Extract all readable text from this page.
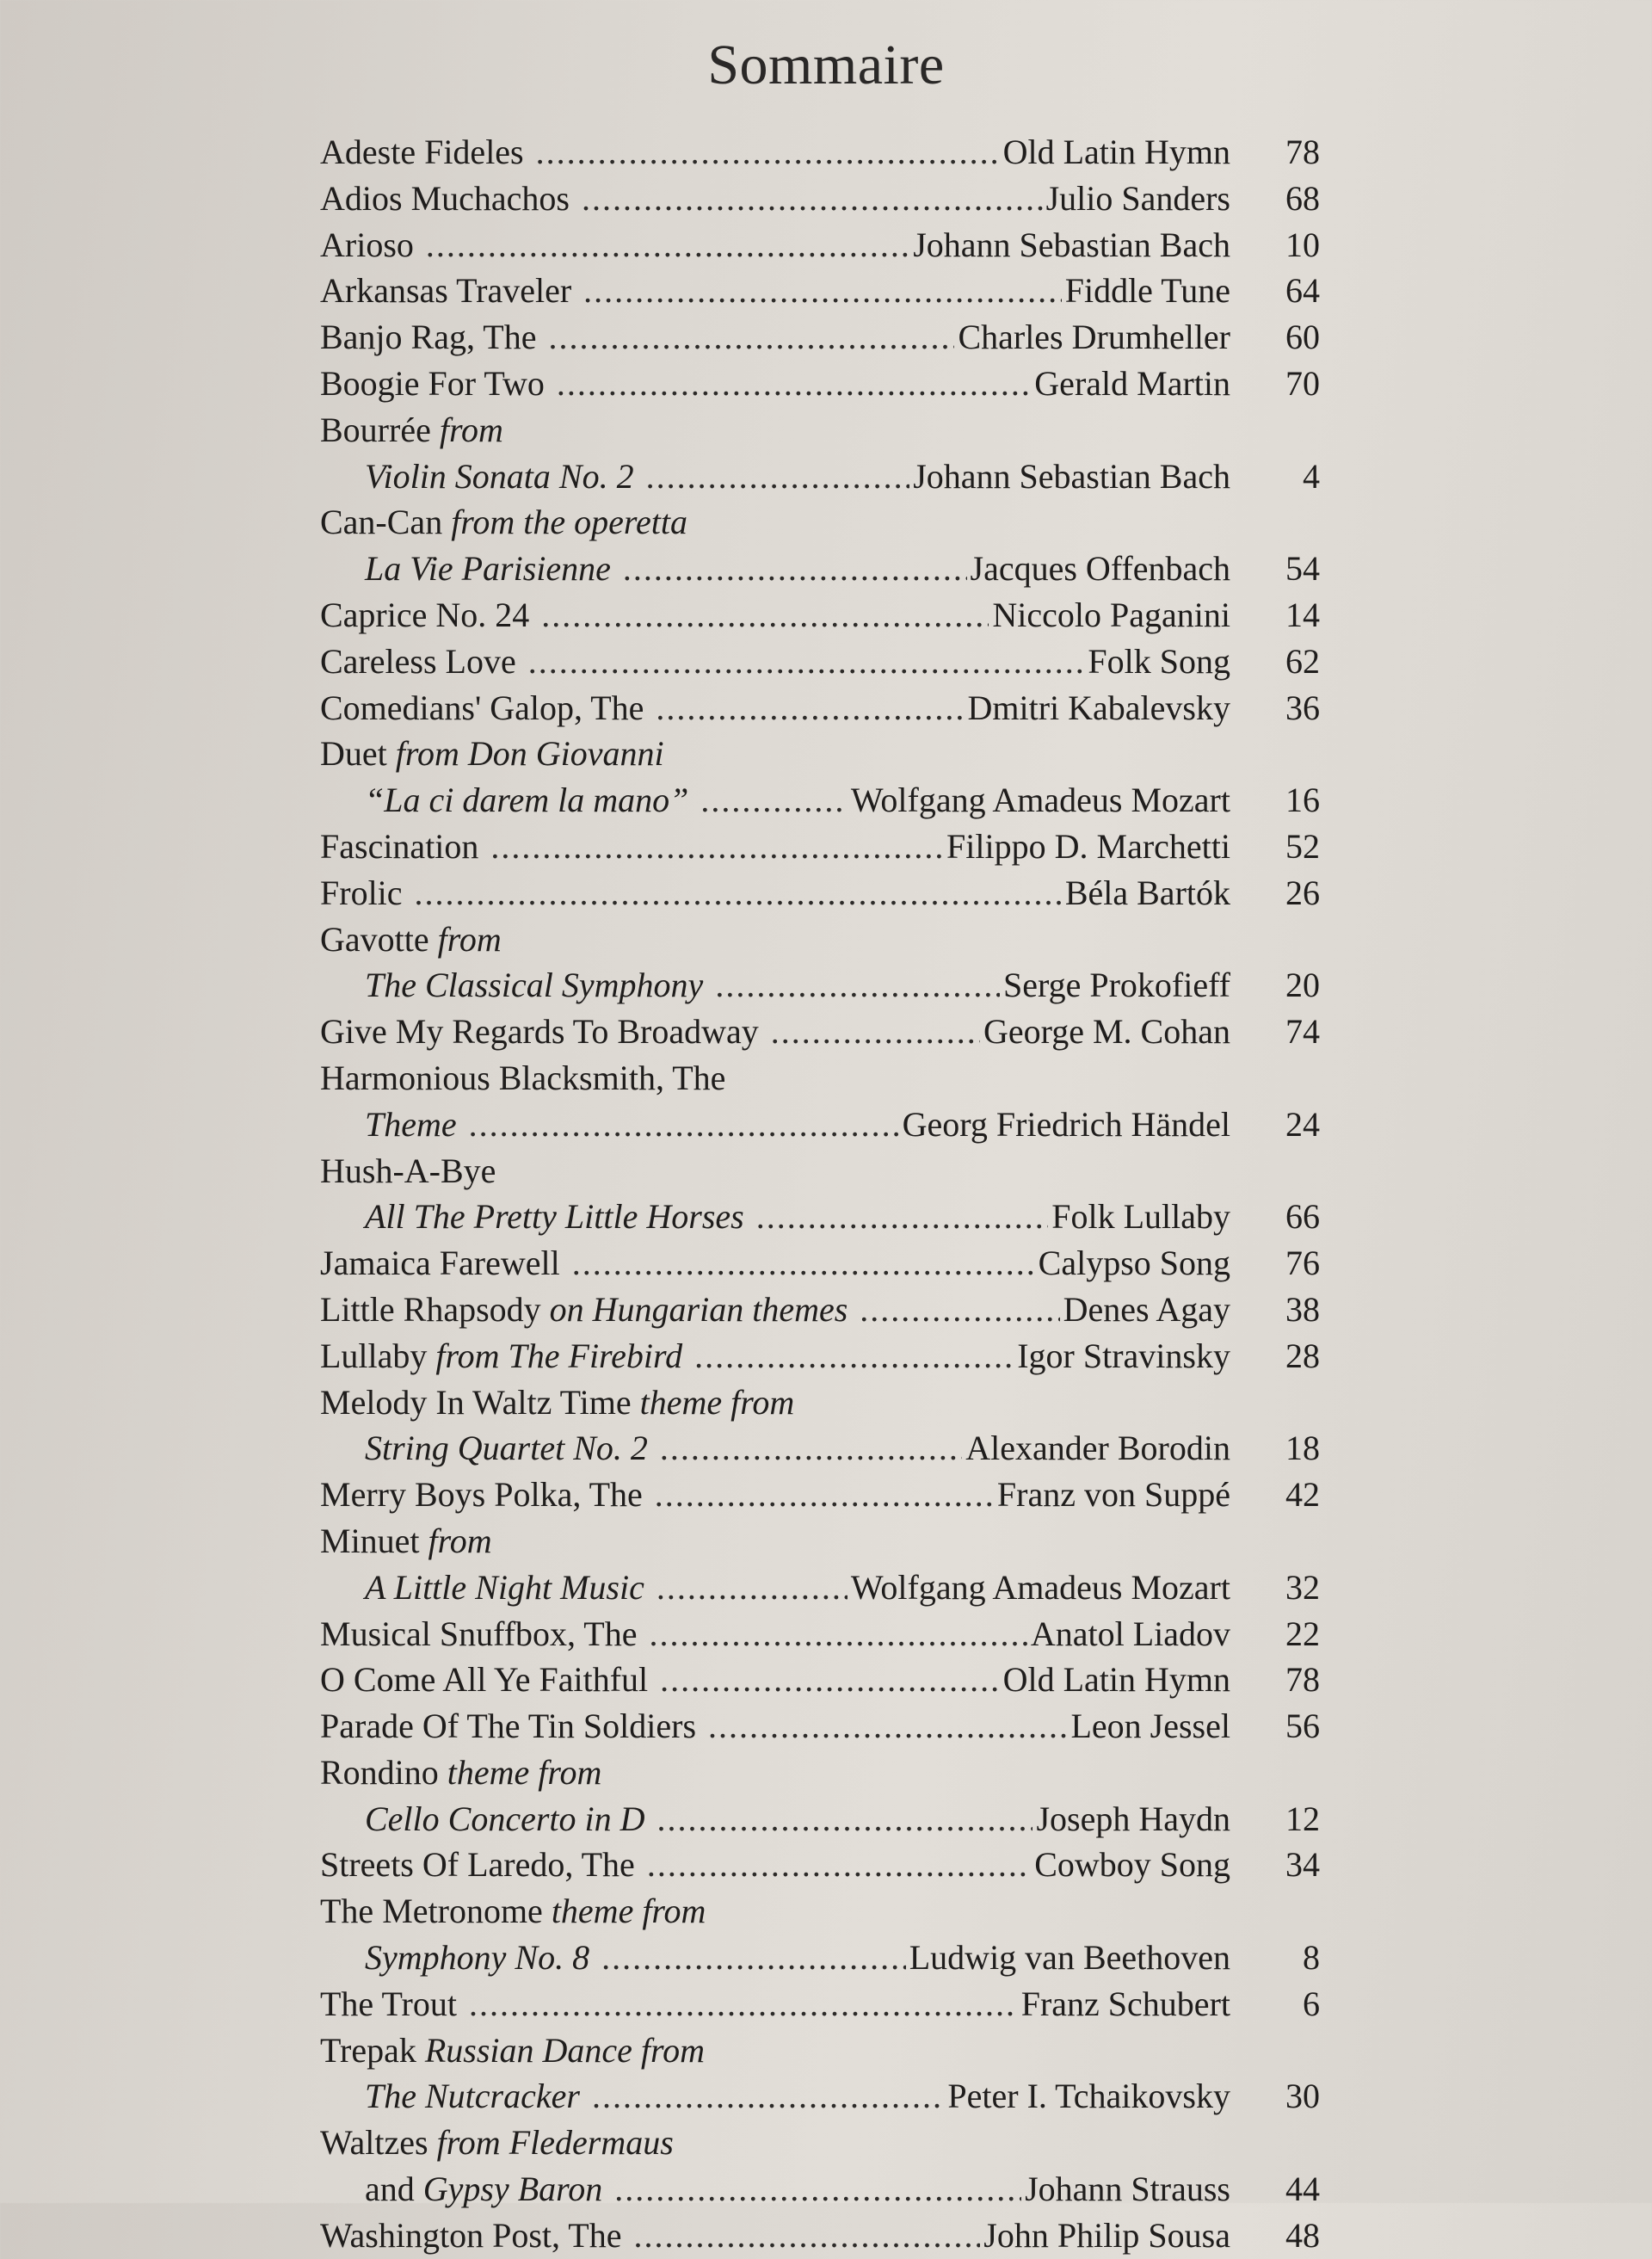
Sommaire
Adeste Fideles .....	Old Latin Hymn	78
Adios Muchachos .....	Julio Sanders	68
Arioso .....	Johann Sebastian Bach	10
Arkansas Traveler .....	Fiddle Tune	64
Banjo Rag, The .....	Charles Drumheller	60
Boogie For Two .....	Gerald Martin	70
Bourrée from
Violin Sonata No. 2 .....	Johann Sebastian Bach	4
Can-Can from the operetta
La Vie Parisienne .....	Jacques Offenbach	54
Caprice No. 24 .....	Niccolo Paganini	14
Careless Love .....	Folk Song	62
Comedians' Galop, The .....	Dmitri Kabalevsky	36
Duet from Don Giovanni
“La ci darem la mano” .....	Wolfgang Amadeus Mozart	16
Fascination .....	Filippo D. Marchetti	52
Frolic .....	Béla Bartók	26
Gavotte from
The Classical Symphony .....	Serge Prokofieff	20
Give My Regards To Broadway .....	George M. Cohan	74
Harmonious Blacksmith, The
Theme .....	Georg Friedrich Händel	24
Hush-A-Bye
All The Pretty Little Horses .....	Folk Lullaby	66
Jamaica Farewell .....	Calypso Song	76
Little Rhapsody on Hungarian themes .....	Denes Agay	38
Lullaby from The Firebird .....	Igor Stravinsky	28
Melody In Waltz Time theme from
String Quartet No. 2 .....	Alexander Borodin	18
Merry Boys Polka, The .....	Franz von Suppé	42
Minuet from
A Little Night Music .....	Wolfgang Amadeus Mozart	32
Musical Snuffbox, The .....	Anatol Liadov	22
O Come All Ye Faithful .....	Old Latin Hymn	78
Parade Of The Tin Soldiers .....	Leon Jessel	56
Rondino theme from
Cello Concerto in D .....	Joseph Haydn	12
Streets Of Laredo, The .....	Cowboy Song	34
The Metronome theme from
Symphony No. 8 .....	Ludwig van Beethoven	8
The Trout .....	Franz Schubert	6
Trepak Russian Dance from
The Nutcracker .....	Peter I. Tchaikovsky	30
Waltzes from Fledermaus
and Gypsy Baron .....	Johann Strauss	44
Washington Post, The .....	John Philip Sousa	48
